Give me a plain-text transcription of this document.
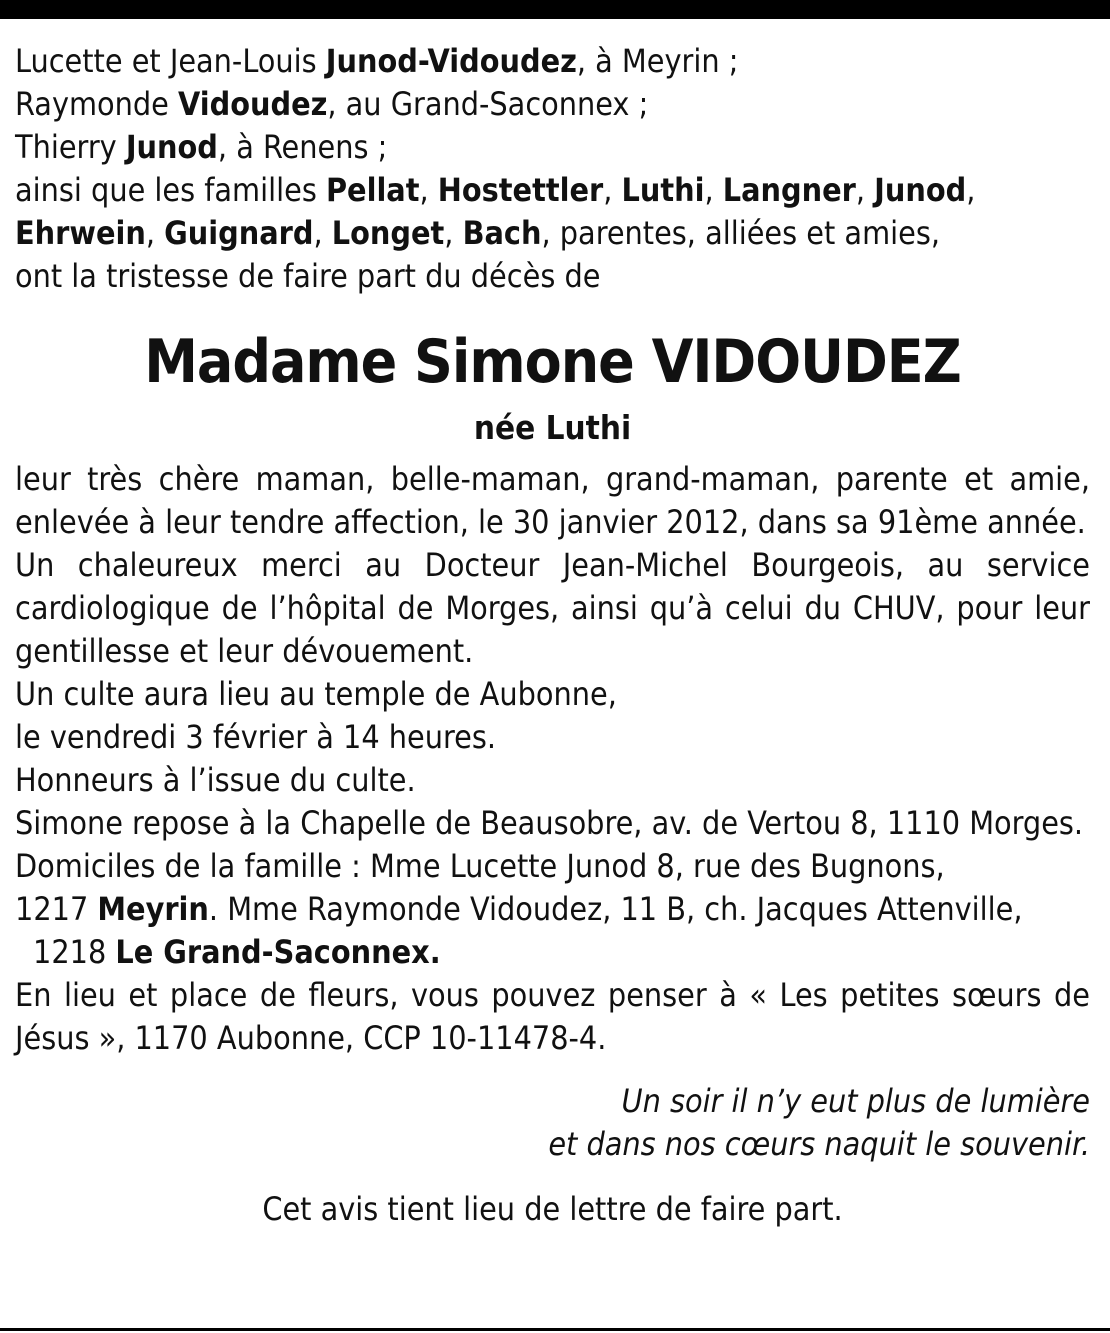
Lucette et Jean-Louis Junod-Vidoudez, à Meyrin ;
Raymonde Vidoudez, au Grand-Saconnex ;
Thierry Junod, à Renens ;
ainsi que les familles Pellat, Hostettler, Luthi, Langner, Junod,
Ehrwein, Guignard, Longet, Bach, parentes, alliées et amies,
ont la tristesse de faire part du décès de
Madame Simone VIDOUDEZ
née Luthi
leur très chère maman, belle-maman, grand-maman, parente et amie, enlevée à leur tendre affection, le 30 janvier 2012, dans sa 91ème année.
Un chaleureux merci au Docteur Jean-Michel Bourgeois, au service cardiologique de l’hôpital de Morges, ainsi qu’à celui du CHUV, pour leur gentillesse et leur dévouement.
Un culte aura lieu au temple de Aubonne,
le vendredi 3 février à 14 heures.
Honneurs à l’issue du culte.
Simone repose à la Chapelle de Beausobre, av. de Vertou 8, 1110 Morges.
Domiciles de la famille : Mme Lucette Junod 8, rue des Bugnons,
1217 Meyrin. Mme Raymonde Vidoudez, 11 B, ch. Jacques Attenville,
1218 Le Grand-Saconnex.
En lieu et place de fleurs, vous pouvez penser à « Les petites sœurs de Jésus », 1170 Aubonne, CCP 10-11478-4.
Un soir il n’y eut plus de lumière
et dans nos cœurs naquit le souvenir.
Cet avis tient lieu de lettre de faire part.
